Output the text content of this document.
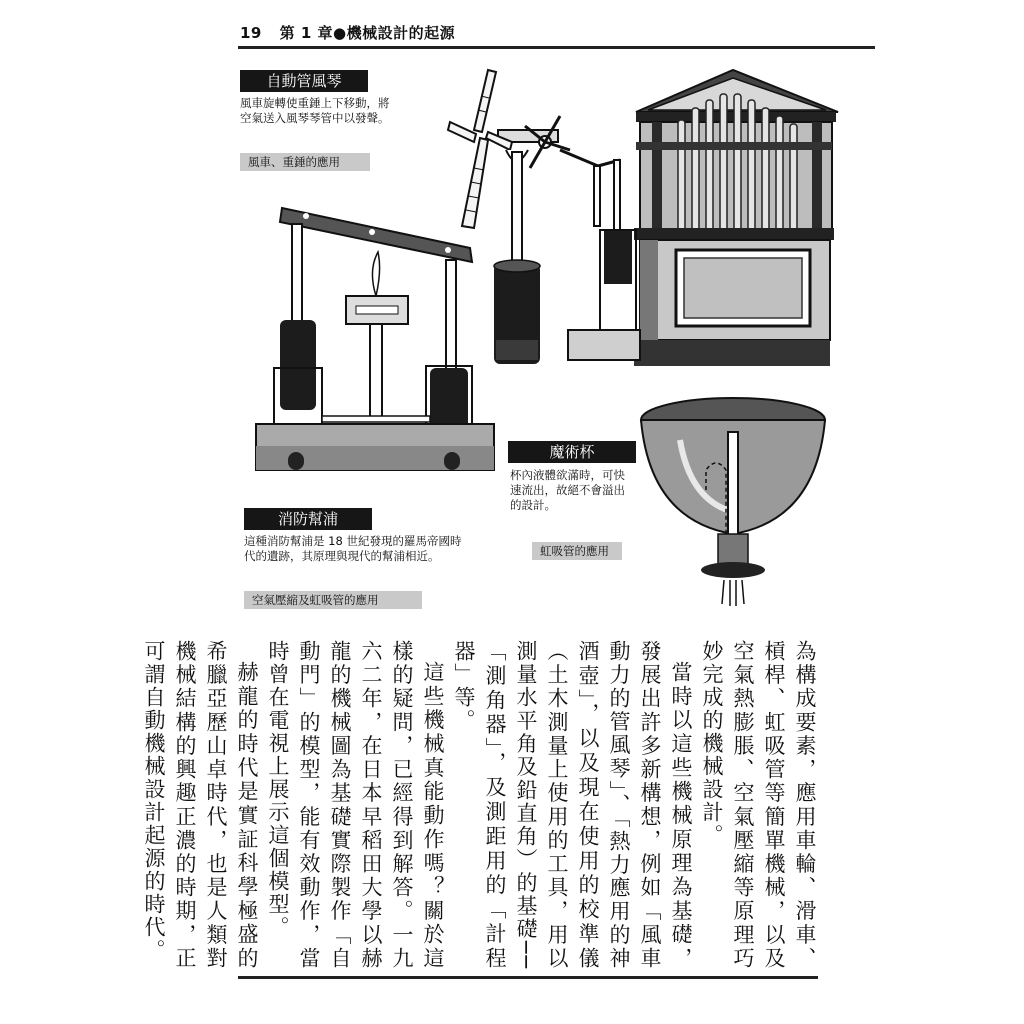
19 第 1 章●機械設計的起源
自動管風琴
風車旋轉使重錘上下移動，將
空氣送入風琴琴管中以發聲。
風車、重錘的應用
魔術杯
杯內液體欲滿時，可快
速流出，故絕不會溢出
的設計。
虹吸管的應用
消防幫浦
這種消防幫浦是 18 世紀發現的羅馬帝國時
代的遺跡，其原理與現代的幫浦相近。
空氣壓縮及虹吸管的應用

為構成要素，應用車輪、滑車、槓桿、虹吸管等簡單機械，以及空氣熱膨脹、空氣壓縮等原理巧妙完成的機械設計。

當時以這些機械原理為基礎，發展出許多新構想，例如「風車動力的管風琴」、「熱力應用的神酒壺」，以及現在使用的校準儀（土木測量上使用的工具，用以測量水平角及鉛直角）的基礎──「測角器」，及測距用的「計程器」等。

這些機械真能動作嗎？關於這樣的疑問，已經得到解答。一九六二年，在日本早稻田大學以赫龍的機械圖為基礎實際製作「自動門」的模型，能有效動作，當時曾在電視上展示這個模型。

赫龍的時代是實証科學極盛的希臘亞歷山卓時代，也是人類對機械結構的興趣正濃的時期，正可謂自動機械設計起源的時代。
